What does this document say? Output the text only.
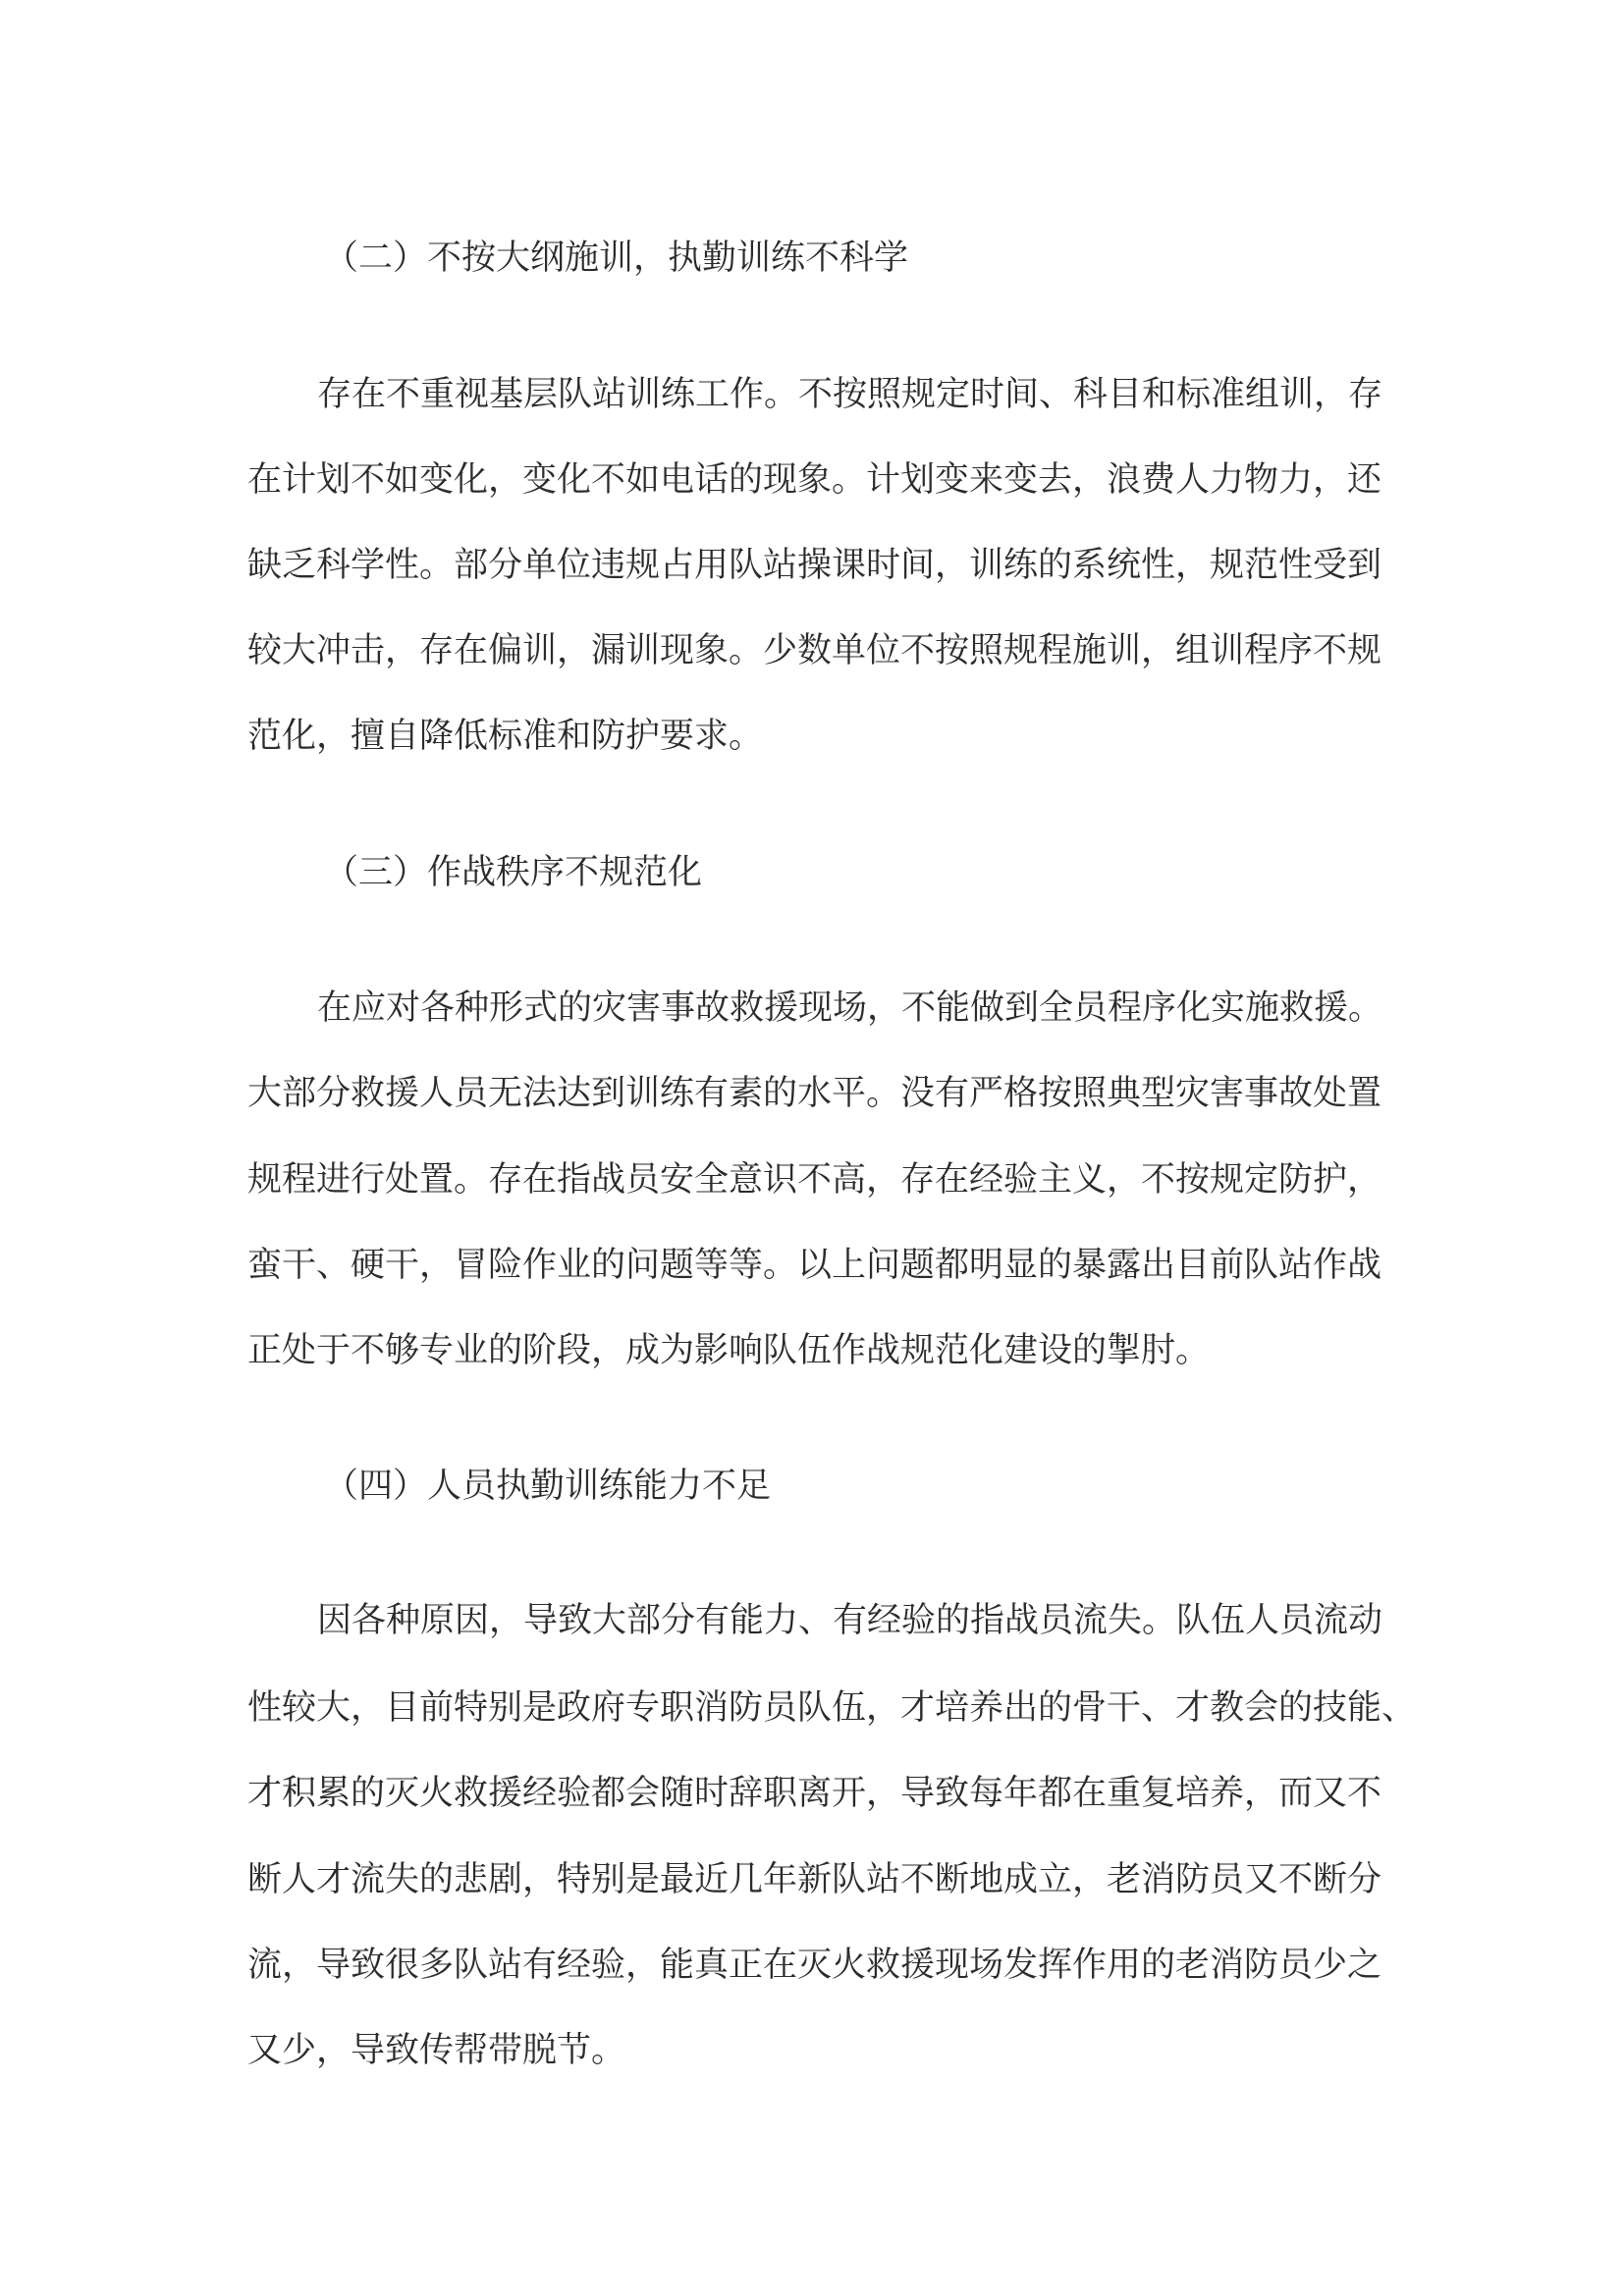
（二）不按大纲施训，执勤训练不科学
存在不重视基层队站训练工作。不按照规定时间、科目和标准组训，存
在计划不如变化，变化不如电话的现象。计划变来变去，浪费人力物力，还
缺乏科学性。部分单位违规占用队站操课时间，训练的系统性，规范性受到
较大冲击，存在偏训，漏训现象。少数单位不按照规程施训，组训程序不规
范化，擅自降低标准和防护要求。
（三）作战秩序不规范化
在应对各种形式的灾害事故救援现场，不能做到全员程序化实施救援。
大部分救援人员无法达到训练有素的水平。没有严格按照典型灾害事故处置
规程进行处置。存在指战员安全意识不高，存在经验主义，不按规定防护，
蛮干、硬干，冒险作业的问题等等。以上问题都明显的暴露出目前队站作战
正处于不够专业的阶段，成为影响队伍作战规范化建设的掣肘。
（四）人员执勤训练能力不足
因各种原因，导致大部分有能力、有经验的指战员流失。队伍人员流动
性较大，目前特别是政府专职消防员队伍，才培养出的骨干、才教会的技能、
才积累的灭火救援经验都会随时辞职离开，导致每年都在重复培养，而又不
断人才流失的悲剧，特别是最近几年新队站不断地成立，老消防员又不断分
流，导致很多队站有经验，能真正在灭火救援现场发挥作用的老消防员少之
又少，导致传帮带脱节。
